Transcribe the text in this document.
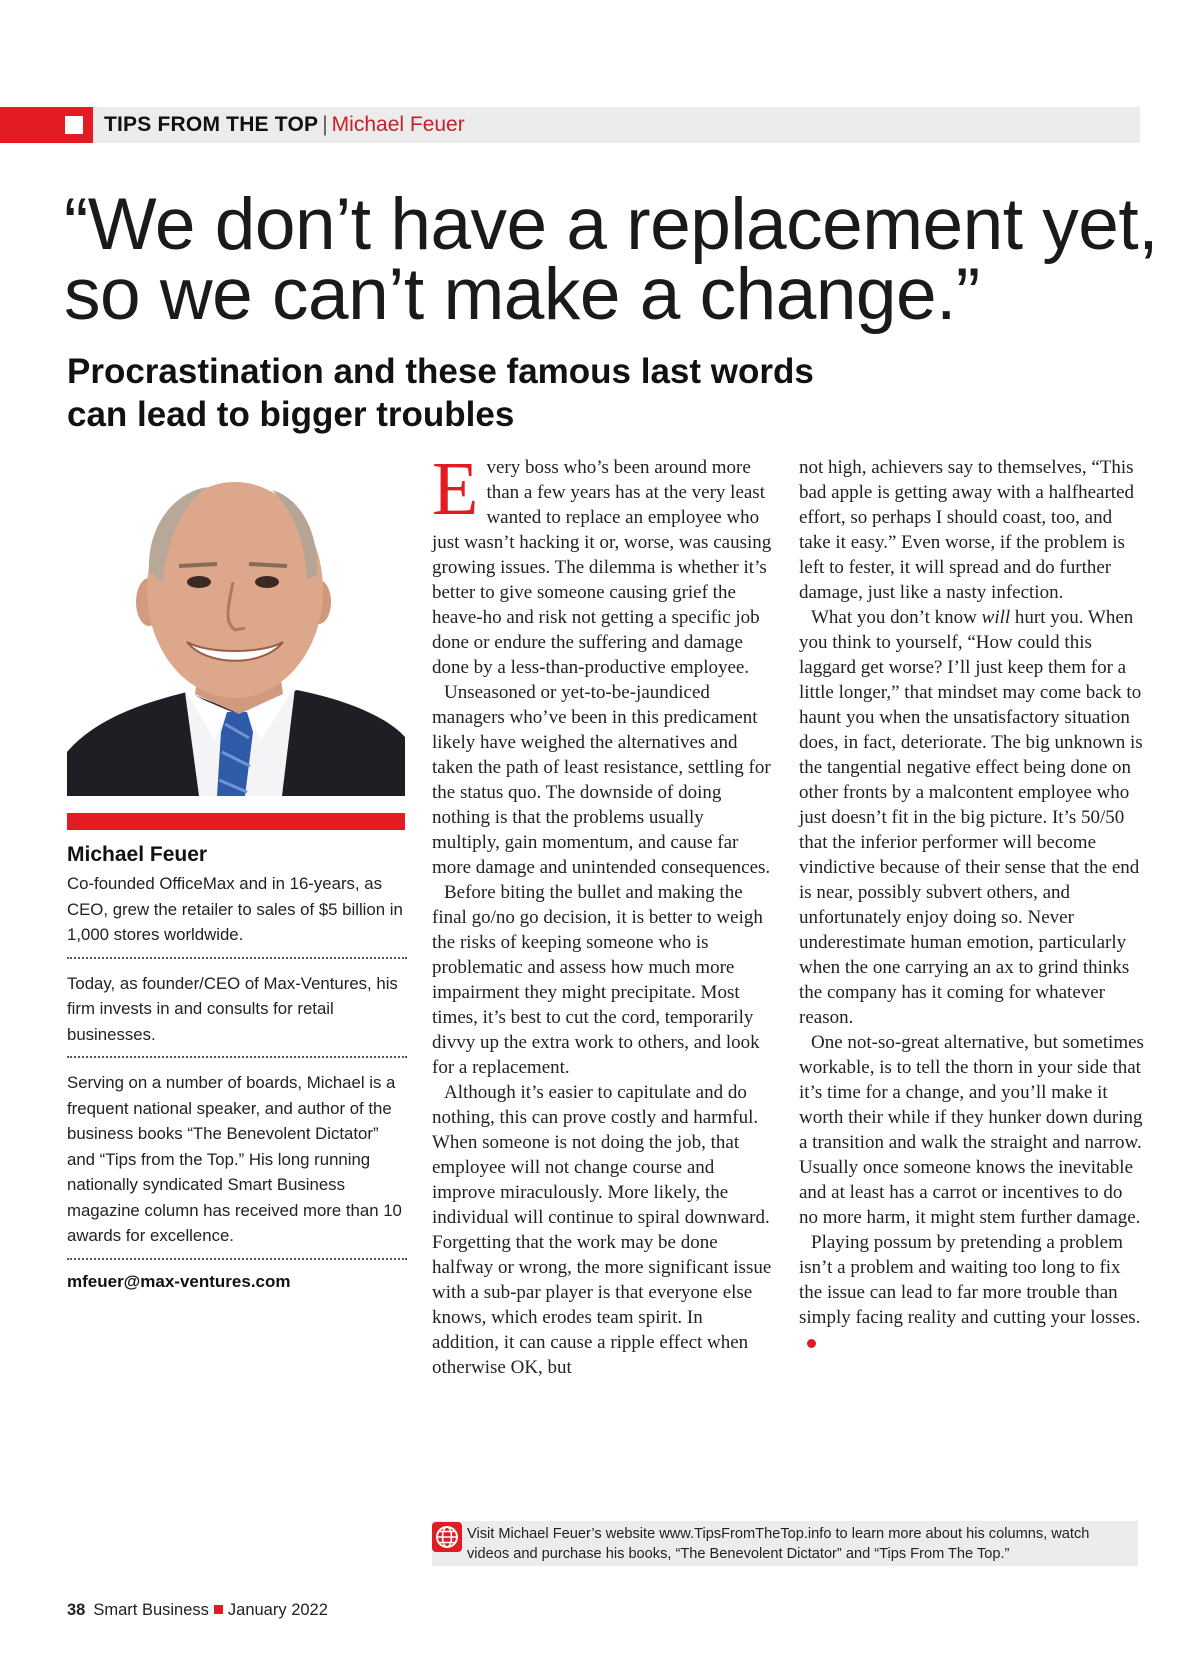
TIPS FROM THE TOP | Michael Feuer
“We don’t have a replacement yet, so we can’t make a change.”
Procrastination and these famous last words can lead to bigger troubles
Michael Feuer

Co-founded OfficeMax and in 16-years, as CEO, grew the retailer to sales of $5 billion in 1,000 stores worldwide.

Today, as founder/CEO of Max-Ventures, his firm invests in and consults for retail businesses.

Serving on a number of boards, Michael is a frequent national speaker, and author of the business books “The Benevolent Dictator” and “Tips from the Top.” His long running nationally syndicated Smart Business magazine column has received more than 10 awards for excellence.

mfeuer@max-ventures.com

Every boss who’s been around more than a few years has at the very least wanted to replace an employee who just wasn’t hacking it or, worse, was causing growing issues. The dilemma is whether it’s better to give someone causing grief the heave-ho and risk not getting a specific job done or endure the suffering and damage done by a less-than-productive employee.

Unseasoned or yet-to-be-jaundiced managers who’ve been in this predicament likely have weighed the alternatives and taken the path of least resistance, settling for the status quo. The downside of doing nothing is that the problems usually multiply, gain momentum, and cause far more damage and unintended consequences.

Before biting the bullet and making the final go/no go decision, it is better to weigh the risks of keeping someone who is problematic and assess how much more impairment they might precipitate. Most times, it’s best to cut the cord, temporarily divvy up the extra work to others, and look for a replacement.

Although it’s easier to capitulate and do nothing, this can prove costly and harmful. When someone is not doing the job, that employee will not change course and improve miraculously. More likely, the individual will continue to spiral downward. Forgetting that the work may be done halfway or wrong, the more significant issue with a sub-par player is that everyone else knows, which erodes team spirit. In addition, it can cause a ripple effect when otherwise OK, but

not high, achievers say to themselves, “This bad apple is getting away with a halfhearted effort, so perhaps I should coast, too, and take it easy.” Even worse, if the problem is left to fester, it will spread and do further damage, just like a nasty infection.

What you don’t know will hurt you. When you think to yourself, “How could this laggard get worse? I’ll just keep them for a little longer,” that mindset may come back to haunt you when the unsatisfactory situation does, in fact, deteriorate. The big unknown is the tangential negative effect being done on other fronts by a malcontent employee who just doesn’t fit in the big picture. It’s 50/50 that the inferior performer will become vindictive because of their sense that the end is near, possibly subvert others, and unfortunately enjoy doing so. Never underestimate human emotion, particularly when the one carrying an ax to grind thinks the company has it coming for whatever reason.

One not-so-great alternative, but sometimes workable, is to tell the thorn in your side that it’s time for a change, and you’ll make it worth their while if they hunker down during a transition and walk the straight and narrow. Usually once someone knows the inevitable and at least has a carrot or incentives to do no more harm, it might stem further damage.

Playing possum by pretending a problem isn’t a problem and waiting too long to fix the issue can lead to far more trouble than simply facing reality and cutting your losses.

Visit Michael Feuer’s website www.TipsFromTheTop.info to learn more about his columns, watch videos and purchase his books, “The Benevolent Dictator” and “Tips From The Top.”
38 Smart Business January 2022
